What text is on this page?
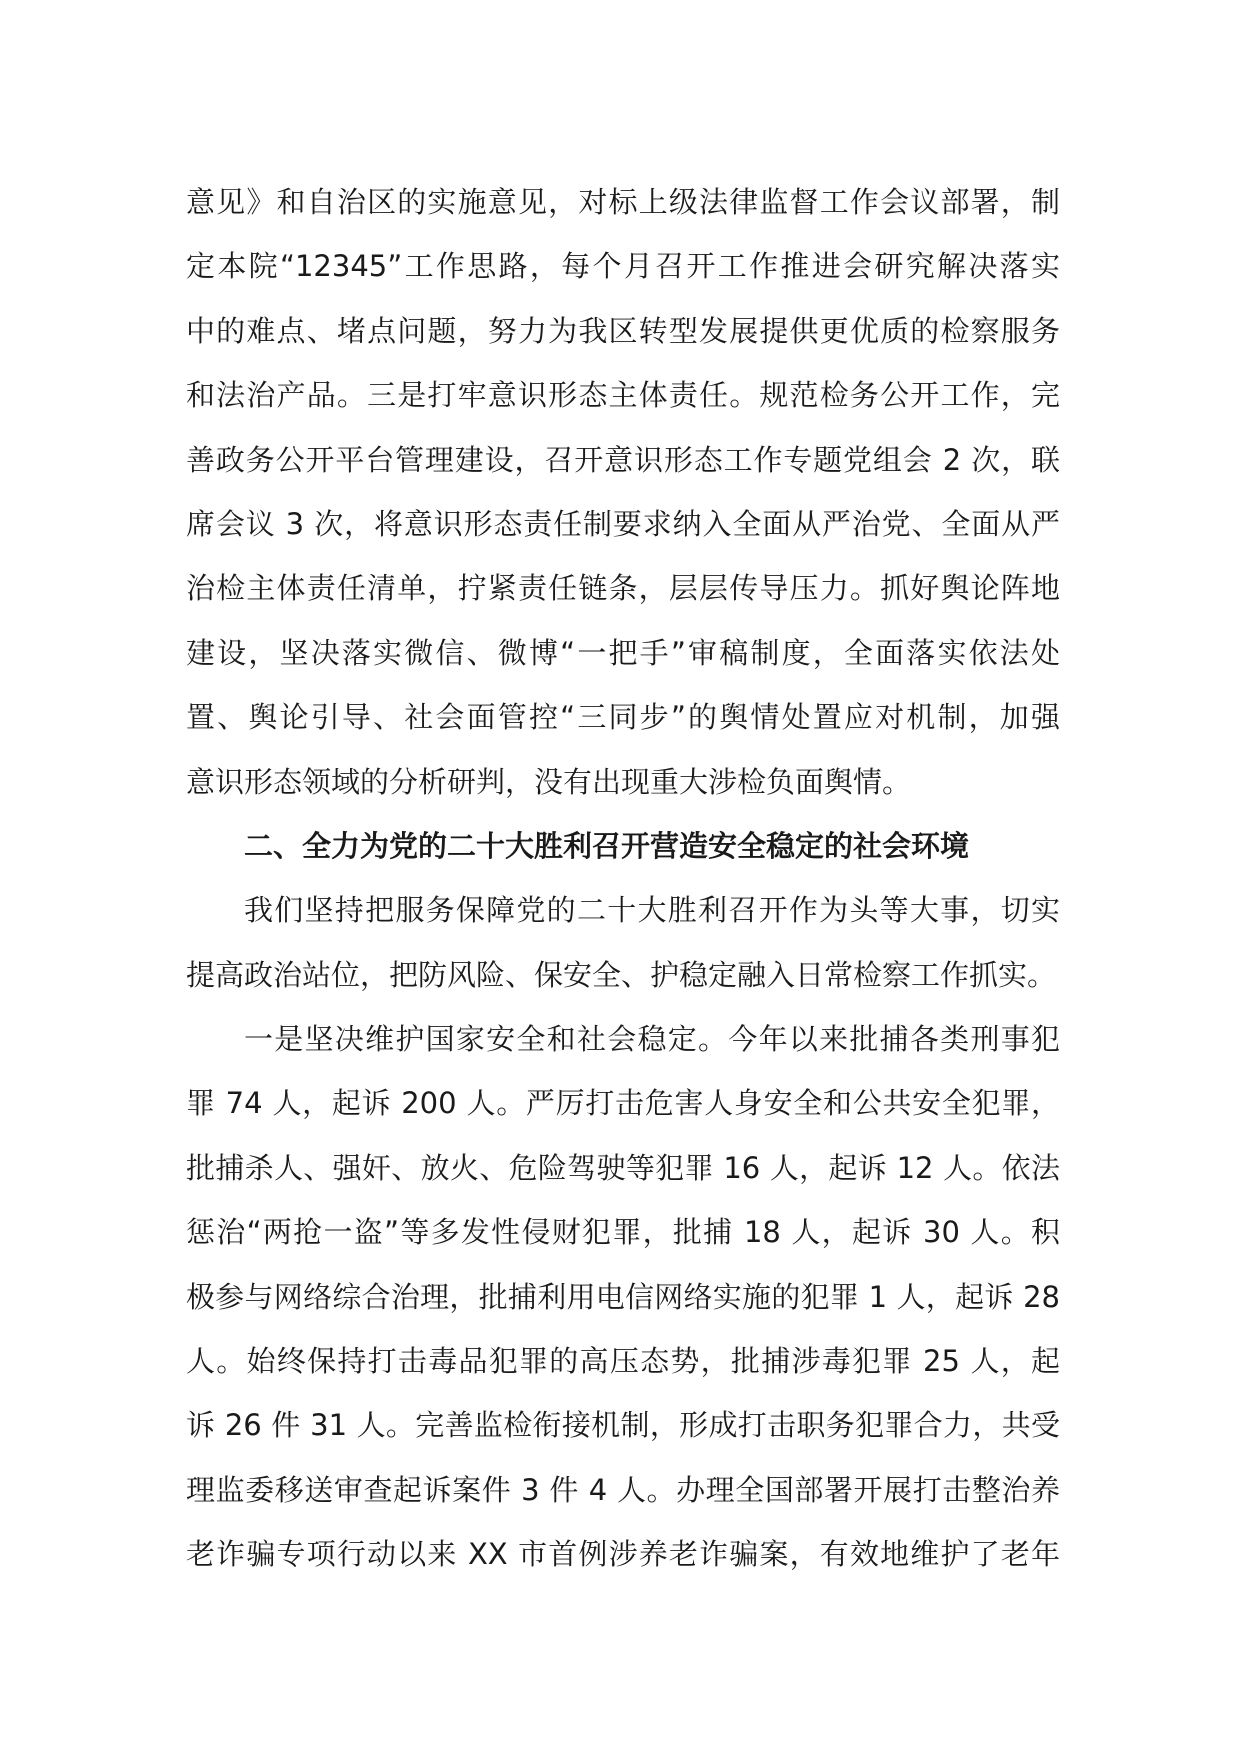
意见》和自治区的实施意见，对标上级法律监督工作会议部署，制
定本院“12345”工作思路，每个月召开工作推进会研究解决落实
中的难点、堵点问题，努力为我区转型发展提供更优质的检察服务
和法治产品。三是打牢意识形态主体责任。规范检务公开工作，完
善政务公开平台管理建设，召开意识形态工作专题党组会 2 次，联
席会议 3 次，将意识形态责任制要求纳入全面从严治党、全面从严
治检主体责任清单，拧紧责任链条，层层传导压力。抓好舆论阵地
建设，坚决落实微信、微博“一把手”审稿制度，全面落实依法处
置、舆论引导、社会面管控“三同步”的舆情处置应对机制，加强
意识形态领域的分析研判，没有出现重大涉检负面舆情。
二、全力为党的二十大胜利召开营造安全稳定的社会环境
我们坚持把服务保障党的二十大胜利召开作为头等大事，切实
提高政治站位，把防风险、保安全、护稳定融入日常检察工作抓实。
一是坚决维护国家安全和社会稳定。今年以来批捕各类刑事犯
罪 74 人，起诉 200 人。严厉打击危害人身安全和公共安全犯罪，
批捕杀人、强奸、放火、危险驾驶等犯罪 16 人，起诉 12 人。依法
惩治“两抢一盗”等多发性侵财犯罪，批捕 18 人，起诉 30 人。积
极参与网络综合治理，批捕利用电信网络实施的犯罪 1 人，起诉 28
人。始终保持打击毒品犯罪的高压态势，批捕涉毒犯罪 25 人，起
诉 26 件 31 人。完善监检衔接机制，形成打击职务犯罪合力，共受
理监委移送审查起诉案件 3 件 4 人。办理全国部署开展打击整治养
老诈骗专项行动以来 XX 市首例涉养老诈骗案，有效地维护了老年
